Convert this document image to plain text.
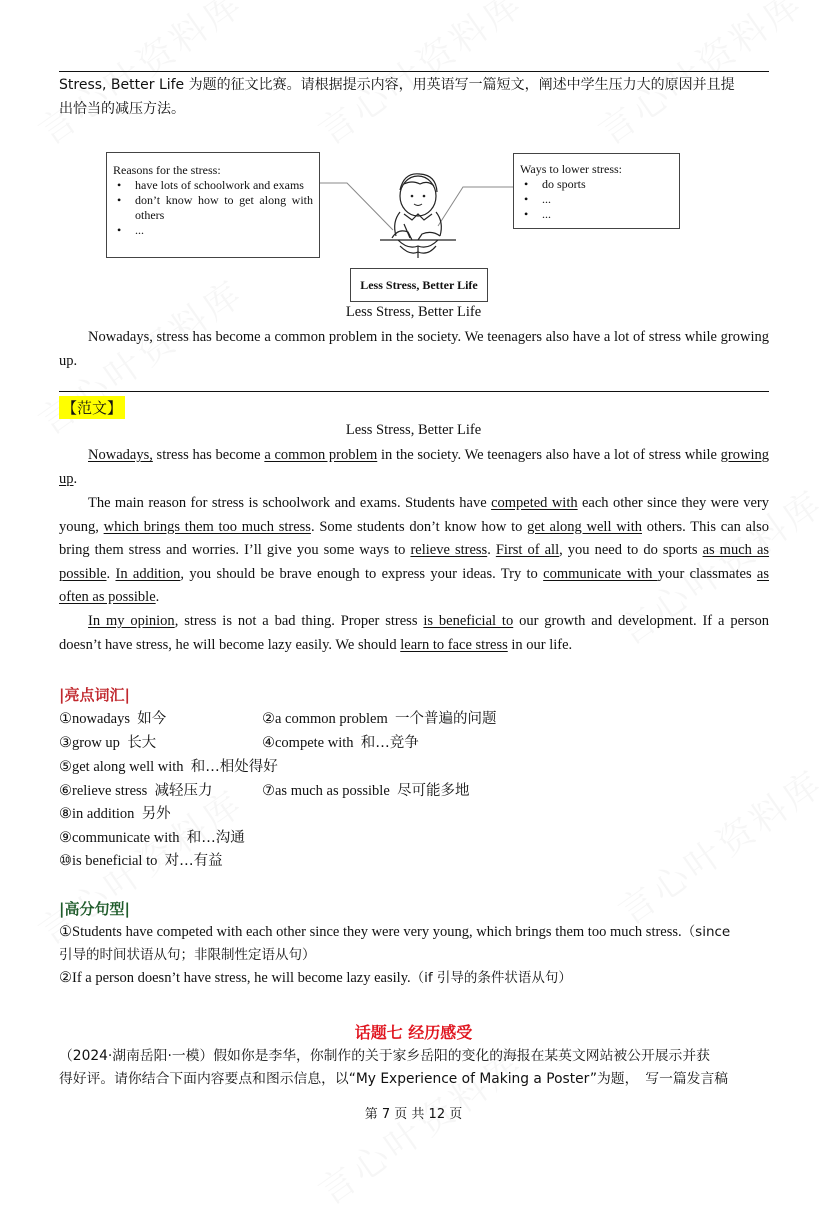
Stress, Better Life 为题的征文比赛。请根据提示内容，用英语写一篇短文，阐述中学生压力大的原因并且提
出恰当的减压方法。
Reasons for the stress:
• have lots of schoolwork and exams
• don’t know how to get along with others
• ...
Ways to lower stress:
• do sports
• ...
• ...
Less Stress, Better Life
Less Stress, Better Life
Nowadays, stress has become a common problem in the society. We teenagers also have a lot of stress while growing up.
【范文】
Less Stress, Better Life
Nowadays, stress has become a common problem in the society. We teenagers also have a lot of stress while growing up.
The main reason for stress is schoolwork and exams. Students have competed with each other since they were very young, which brings them too much stress. Some students don’t know how to get along well with others. This can also bring them stress and worries. I’ll give you some ways to relieve stress. First of all, you need to do sports as much as possible. In addition, you should be brave enough to express your ideas. Try to communicate with your classmates as often as possible.
In my opinion, stress is not a bad thing. Proper stress is beneficial to our growth and development. If a person doesn’t have stress, he will become lazy easily. We should learn to face stress in our life.
|亮点词汇|
①nowadays  如今	②a common problem  一个普遍的问题
③grow up  长大	④compete with  和…竞争
⑤get along well with  和…相处得好
⑥relieve stress  减轻压力	⑦as much as possible  尽可能多地
⑧in addition  另外
⑨communicate with  和…沟通
⑩is beneficial to  对…有益
|高分句型|
①Students have competed with each other since they were very young, which brings them too much stress.（since
引导的时间状语从句；非限制性定语从句）
②If a person doesn’t have stress, he will become lazy easily.（if 引导的条件状语从句）
话题七 经历感受
（2024·湖南岳阳·一模）假如你是李华，你制作的关于家乡岳阳的变化的海报在某英文网站被公开展示并获
得好评。请你结合下面内容要点和图示信息，以“My Experience of Making a Poster”为题，　写一篇发言稿
第 7 页 共 12 页
